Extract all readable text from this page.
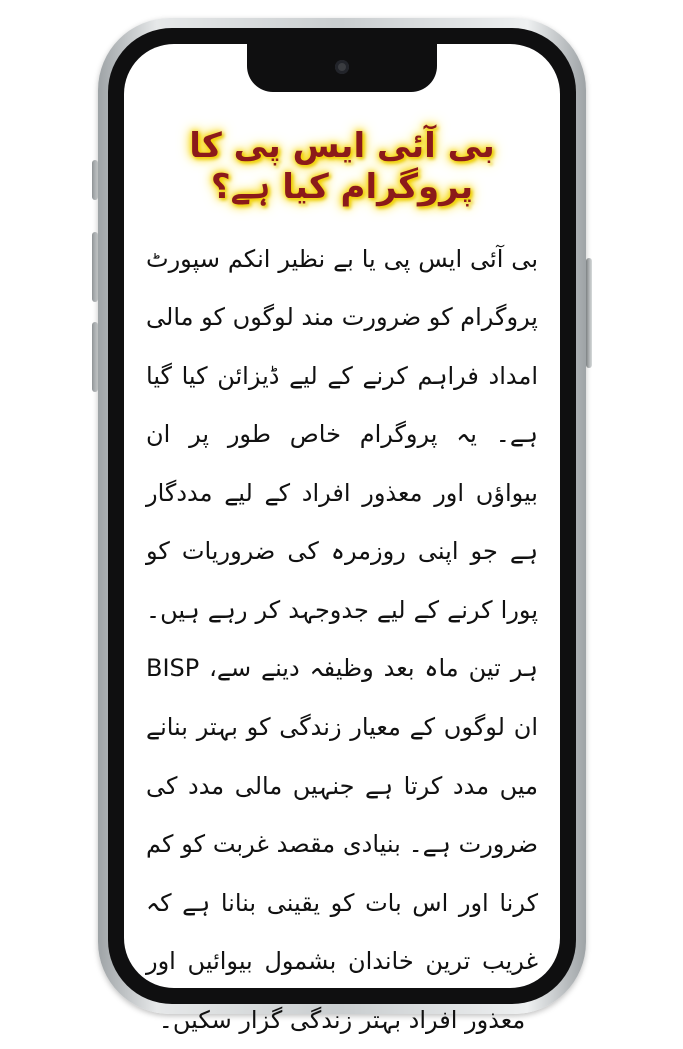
بی آئی ایس پی کا پروگرام کیا ہے؟

بی آئی ایس پی یا بے نظیر انکم سپورٹ پروگرام کو ضرورت مند لوگوں کو مالی امداد فراہم کرنے کے لیے ڈیزائن کیا گیا ہے۔ یہ پروگرام خاص طور پر ان بیواؤں اور معذور افراد کے لیے مددگار ہے جو اپنی روزمرہ کی ضروریات کو پورا کرنے کے لیے جدوجہد کر رہے ہیں۔ ہر تین ماہ بعد وظیفہ دینے سے، BISP ان لوگوں کے معیار زندگی کو بہتر بنانے میں مدد کرتا ہے جنہیں مالی مدد کی ضرورت ہے۔ بنیادی مقصد غربت کو کم کرنا اور اس بات کو یقینی بنانا ہے کہ غریب ترین خاندان بشمول بیوائیں اور معذور افراد بہتر زندگی گزار سکیں۔
